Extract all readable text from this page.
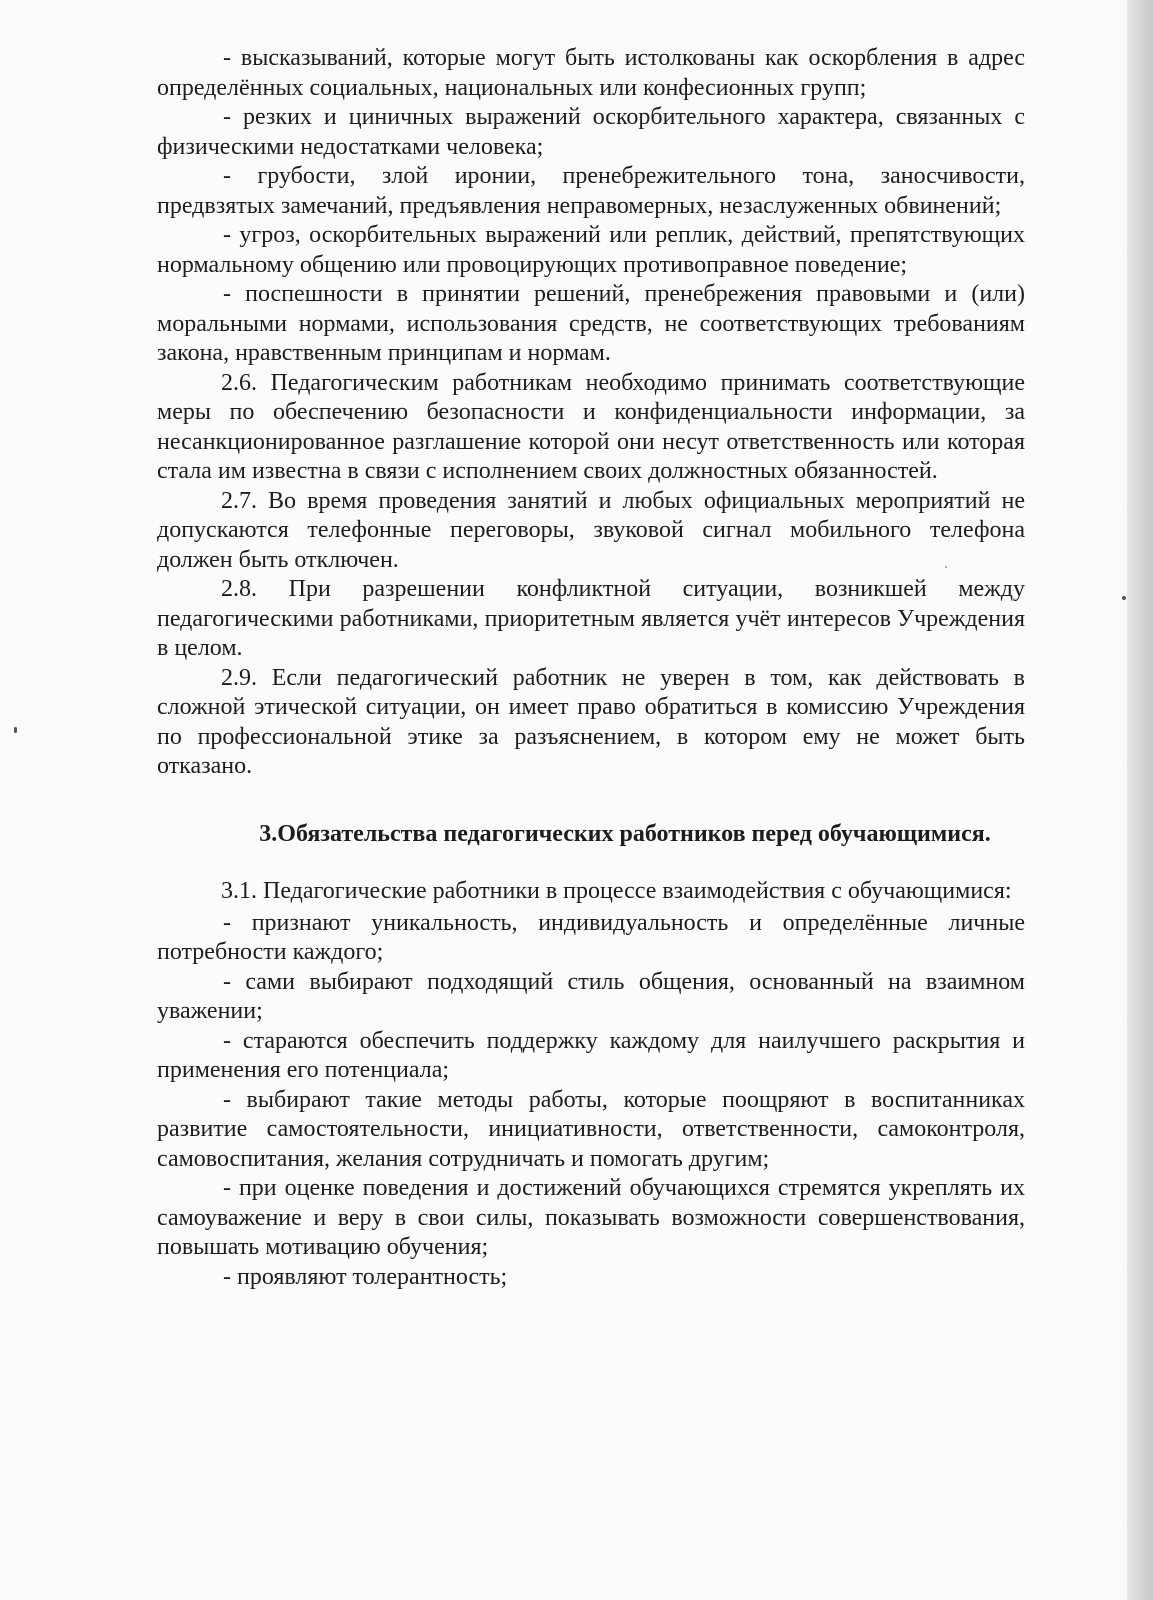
- высказываний, которые могут быть истолкованы как оскорбления в адрес определённых социальных, национальных или конфесионных групп;

- резких и циничных выражений оскорбительного характера, связанных с физическими недостатками человека;

- грубости, злой иронии, пренебрежительного тона, заносчивости, предвзятых замечаний, предъявления неправомерных, незаслуженных обвинений;

- угроз, оскорбительных выражений или реплик, действий, препятствующих нормальному общению или провоцирующих противоправное поведение;

- поспешности в принятии решений, пренебрежения правовыми и (или) моральными нормами, использования средств, не соответствующих требованиям закона, нравственным принципам и нормам.

2.6. Педагогическим работникам необходимо принимать соответствующие меры по обеспечению безопасности и конфиденциальности информации, за несанкционированное разглашение которой они несут ответственность или которая стала им известна в связи с исполнением своих должностных обязанностей.

2.7. Во время проведения занятий и любых официальных мероприятий не допускаются телефонные переговоры, звуковой сигнал мобильного телефона должен быть отключен.

2.8. При разрешении конфликтной ситуации, возникшей между педагогическими работниками, приоритетным является учёт интересов Учреждения в целом.

2.9. Если педагогический работник не уверен в том, как действовать в сложной этической ситуации, он имеет право обратиться в комиссию Учреждения по профессиональной этике за разъяснением, в котором ему не может быть отказано.

3.Обязательства педагогических работников перед обучающимися.

3.1. Педагогические работники в процессе взаимодействия с обучающимися:

- признают уникальность, индивидуальность и определённые личные потребности каждого;

- сами выбирают подходящий стиль общения, основанный на взаимном уважении;

- стараются обеспечить поддержку каждому для наилучшего раскрытия и применения его потенциала;

- выбирают такие методы работы, которые поощряют в воспитанниках развитие самостоятельности, инициативности, ответственности, самоконтроля, самовоспитания, желания сотрудничать и помогать другим;

- при оценке поведения и достижений обучающихся стремятся укреплять их самоуважение и веру в свои силы, показывать возможности совершенствования, повышать мотивацию обучения;

- проявляют толерантность;
